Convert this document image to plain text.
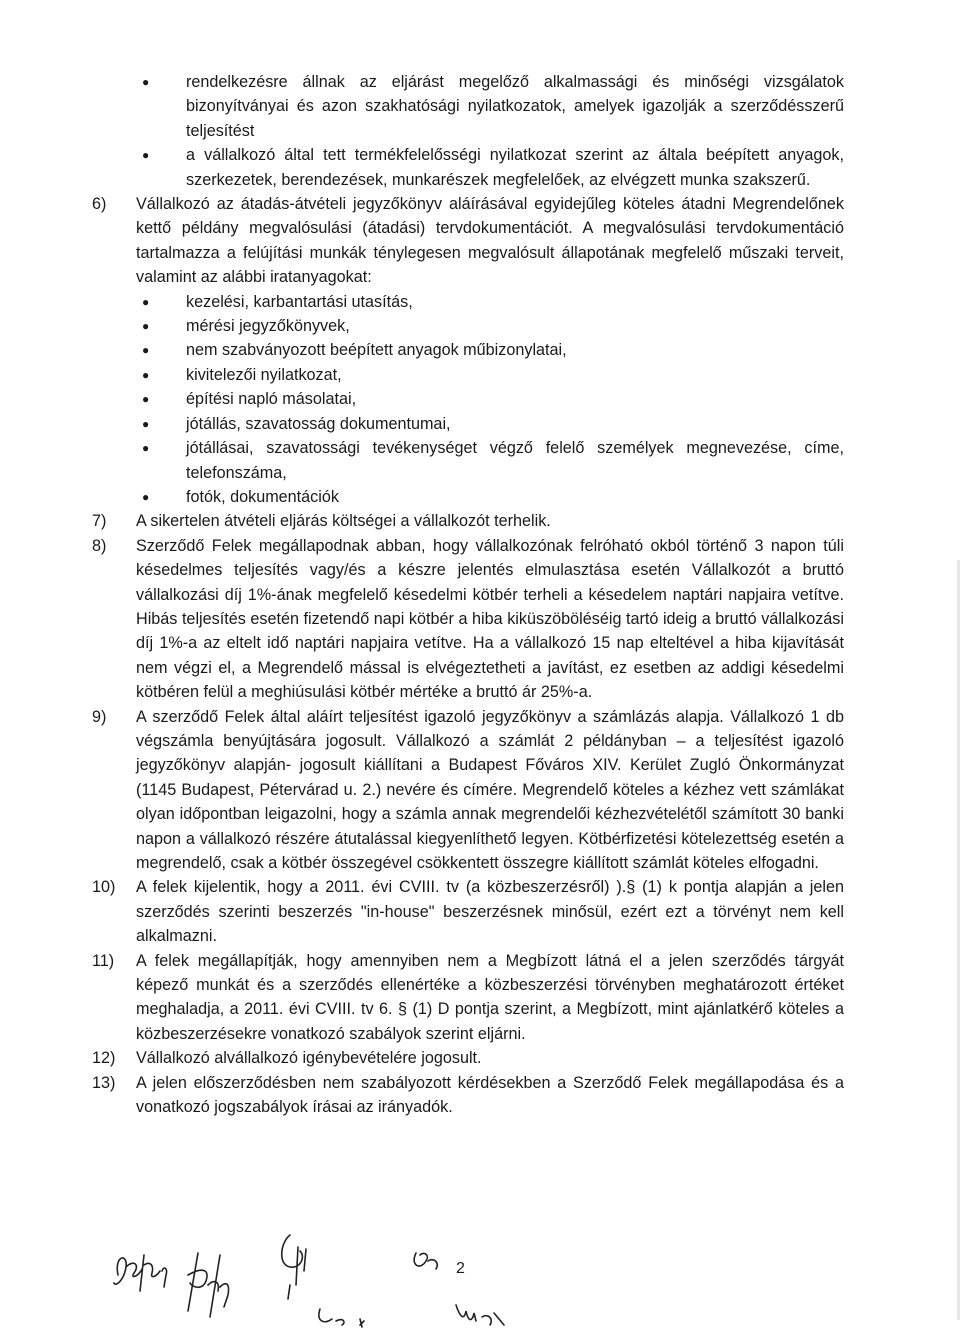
● rendelkezésre állnak az eljárást megelőző alkalmassági és minőségi vizsgálatok bizonyítványai és azon szakhatósági nyilatkozatok, amelyek igazolják a szerződésszerű teljesítést
● a vállalkozó által tett termékfelelősségi nyilatkozat szerint az általa beépített anyagok, szerkezetek, berendezések, munkarészek megfelelőek, az elvégzett munka szakszerű.
6) Vállalkozó az átadás-átvételi jegyzőkönyv aláírásával egyidejűleg köteles átadni Megrendelőnek kettő példány megvalósulási (átadási) tervdokumentációt. A megvalósulási tervdokumentáció tartalmazza a felújítási munkák ténylegesen megvalósult állapotának megfelelő műszaki terveit, valamint az alábbi iratanyagokat:
● kezelési, karbantartási utasítás,
● mérési jegyzőkönyvek,
● nem szabványozott beépített anyagok műbizonylatai,
● kivitelezői nyilatkozat,
● építési napló másolatai,
● jótállás, szavatosság dokumentumai,
● jótállásai, szavatossági tevékenységet végző felelő személyek megnevezése, címe, telefonszáma,
● fotók, dokumentációk
7) A sikertelen átvételi eljárás költségei a vállalkozót terhelik.
8) Szerződő Felek megállapodnak abban, hogy vállalkozónak felróható okból történő 3 napon túli késedelmes teljesítés vagy/és a készre jelentés elmulasztása esetén Vállalkozót a bruttó vállalkozási díj 1%-ának megfelelő késedelmi kötbér terheli a késedelem naptári napjaira vetítve. Hibás teljesítés esetén fizetendő napi kötbér a hiba kiküszöböléséig tartó ideig a bruttó vállalkozási díj 1%-a az eltelt idő naptári napjaira vetítve. Ha a vállalkozó 15 nap elteltével a hiba kijavítását nem végzi el, a Megrendelő mással is elvégeztetheti a javítást, ez esetben az addigi késedelmi kötbéren felül a meghiúsulási kötbér mértéke a bruttó ár 25%-a.
9) A szerződő Felek által aláírt teljesítést igazoló jegyzőkönyv a számlázás alapja. Vállalkozó 1 db végszámla benyújtására jogosult. Vállalkozó a számlát 2 példányban – a teljesítést igazoló jegyzőkönyv alapján- jogosult kiállítani a Budapest Főváros XIV. Kerület Zugló Önkormányzat (1145 Budapest, Pétervárad u. 2.) nevére és címére. Megrendelő köteles a kézhez vett számlákat olyan időpontban leigazolni, hogy a számla annak megrendelői kézhezvételétől számított 30 banki napon a vállalkozó részére átutalással kiegyenlíthető legyen. Kötbérfizetési kötelezettség esetén a megrendelő, csak a kötbér összegével csökkentett összegre kiállított számlát köteles elfogadni.
10) A felek kijelentik, hogy a 2011. évi CVIII. tv (a közbeszerzésről) ).§ (1) k pontja alapján a jelen szerződés szerinti beszerzés "in-house" beszerzésnek minősül, ezért ezt a törvényt nem kell alkalmazni.
11) A felek megállapítják, hogy amennyiben nem a Megbízott látná el a jelen szerződés tárgyát képező munkát és a szerződés ellenértéke a közbeszerzési törvényben meghatározott értéket meghaladja, a 2011. évi CVIII. tv 6. § (1) D pontja szerint, a Megbízott, mint ajánlatkérő köteles a közbeszerzésekre vonatkozó szabályok szerint eljárni.
12) Vállalkozó alvállalkozó igénybevételére jogosult.
13) A jelen előszerződésben nem szabályozott kérdésekben a Szerződő Felek megállapodása és a vonatkozó jogszabályok írásai az irányadók.
2
